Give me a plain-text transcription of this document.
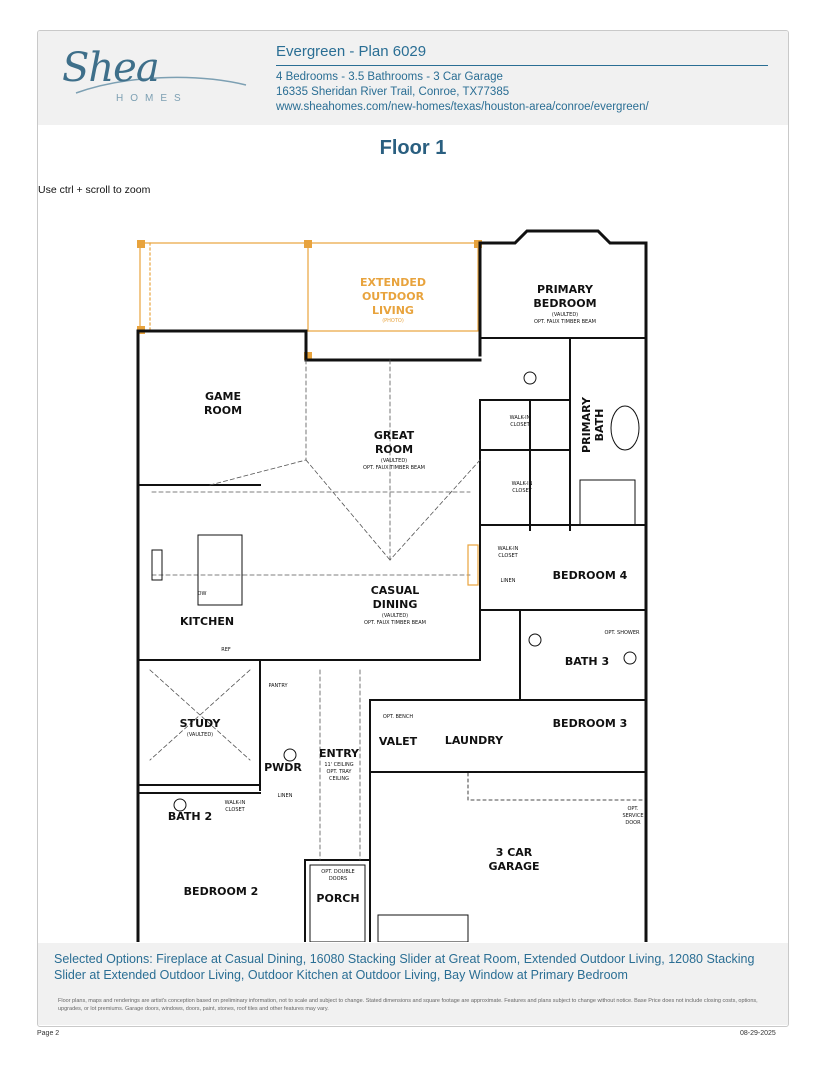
Shea
HOMES
Evergreen - Plan 6029
4 Bedrooms - 3.5 Bathrooms - 3 Car Garage
16335 Sheridan River Trail, Conroe, TX77385
www.sheahomes.com/new-homes/texas/houston-area/conroe/evergreen/
Floor 1
Use ctrl + scroll to zoom
Selected Options: Fireplace at Casual Dining, 16080 Stacking Slider at Great Room, Extended Outdoor Living, 12080 Stacking Slider at Extended Outdoor Living, Outdoor Kitchen at Outdoor Living, Bay Window at Primary Bedroom
Floor plans, maps and renderings are artist's conception based on preliminary information, not to scale and subject to change. Stated dimensions and square footage are approximate. Features and plans subject to change without notice. Base Price does not include closing costs, options, upgrades, or lot premiums. Garage doors, windows, doors, paint, stones, roof tiles and other features may vary.
EXTENDED
OUTDOOR
LIVING
(PHOTO)
PRIMARY
BEDROOM
(VAULTED)
OPT. FAUX TIMBER BEAM
PRIMARY BATH
GAME
ROOM
GREAT
ROOM
(VAULTED)
OPT. FAUX TIMBER BEAM
WALK-IN
CLOSET
WALK-IN
CLOSET
WALK-IN
CLOSET
WALK-IN
CLOSET
BEDROOM 4
LINEN
LINEN
CASUAL
DINING
(VAULTED)
OPT. FAUX TIMBER BEAM
KITCHEN
REF
DW
BATH 3
OPT. SHOWER
BEDROOM 3
STUDY
(VAULTED)
PANTRY
ENTRY
11' CEILING
OPT. TRAY
CEILING
VALET
OPT. BENCH
LAUNDRY
PWDR
BATH 2
BEDROOM 2
3 CAR
GARAGE
OPT.
SERVICE
DOOR
OPT. DOUBLE
DOORS
PORCH
Page 2	08-29-2025
